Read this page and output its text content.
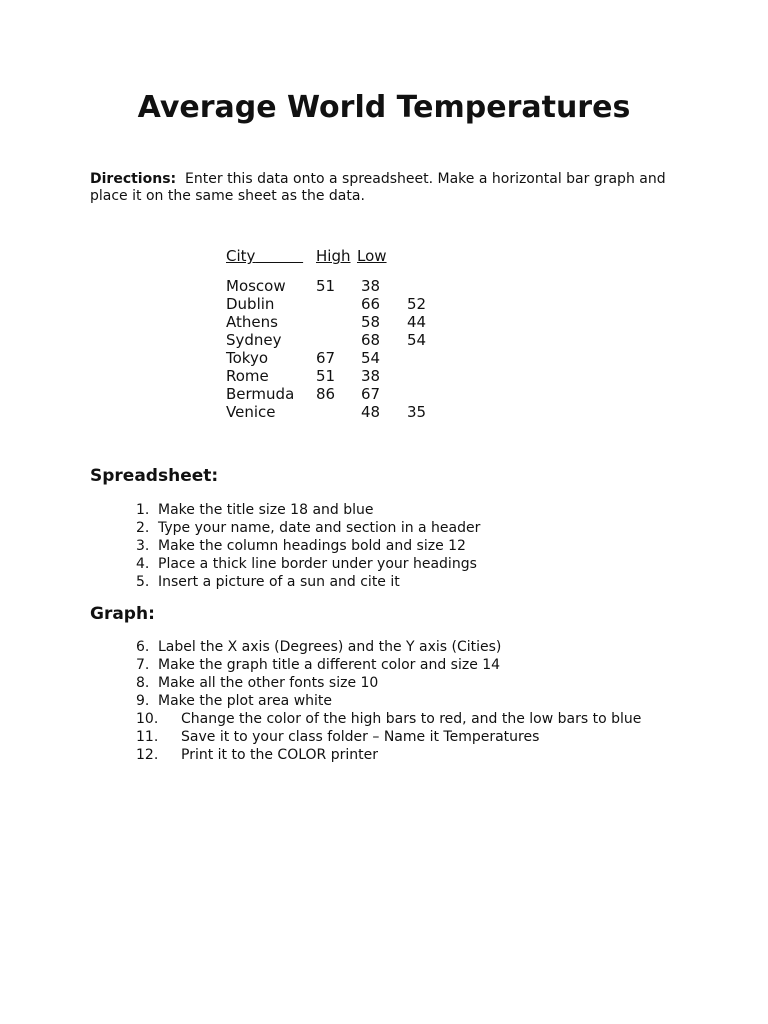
Average World Temperatures

Directions: Enter this data onto a spreadsheet. Make a horizontal bar graph and place it on the same sheet as the data.

City	High Low
Moscow 51 38
Dublin	66 52
Athens	58 44
Sydney	68 54
Tokyo	67 54
Rome	51 38
Bermuda 86 67
Venice	48 35
Spreadsheet:
1. Make the title size 18 and blue
2. Type your name, date and section in a header
3. Make the column headings bold and size 12
4. Place a thick line border under your headings
5. Insert a picture of a sun and cite it
Graph:
6. Label the X axis (Degrees) and the Y axis (Cities)
7. Make the graph title a different color and size 14
8. Make all the other fonts size 10
9. Make the plot area white
10. Change the color of the high bars to red, and the low bars to blue
11. Save it to your class folder – Name it Temperatures
12. Print it to the COLOR printer
